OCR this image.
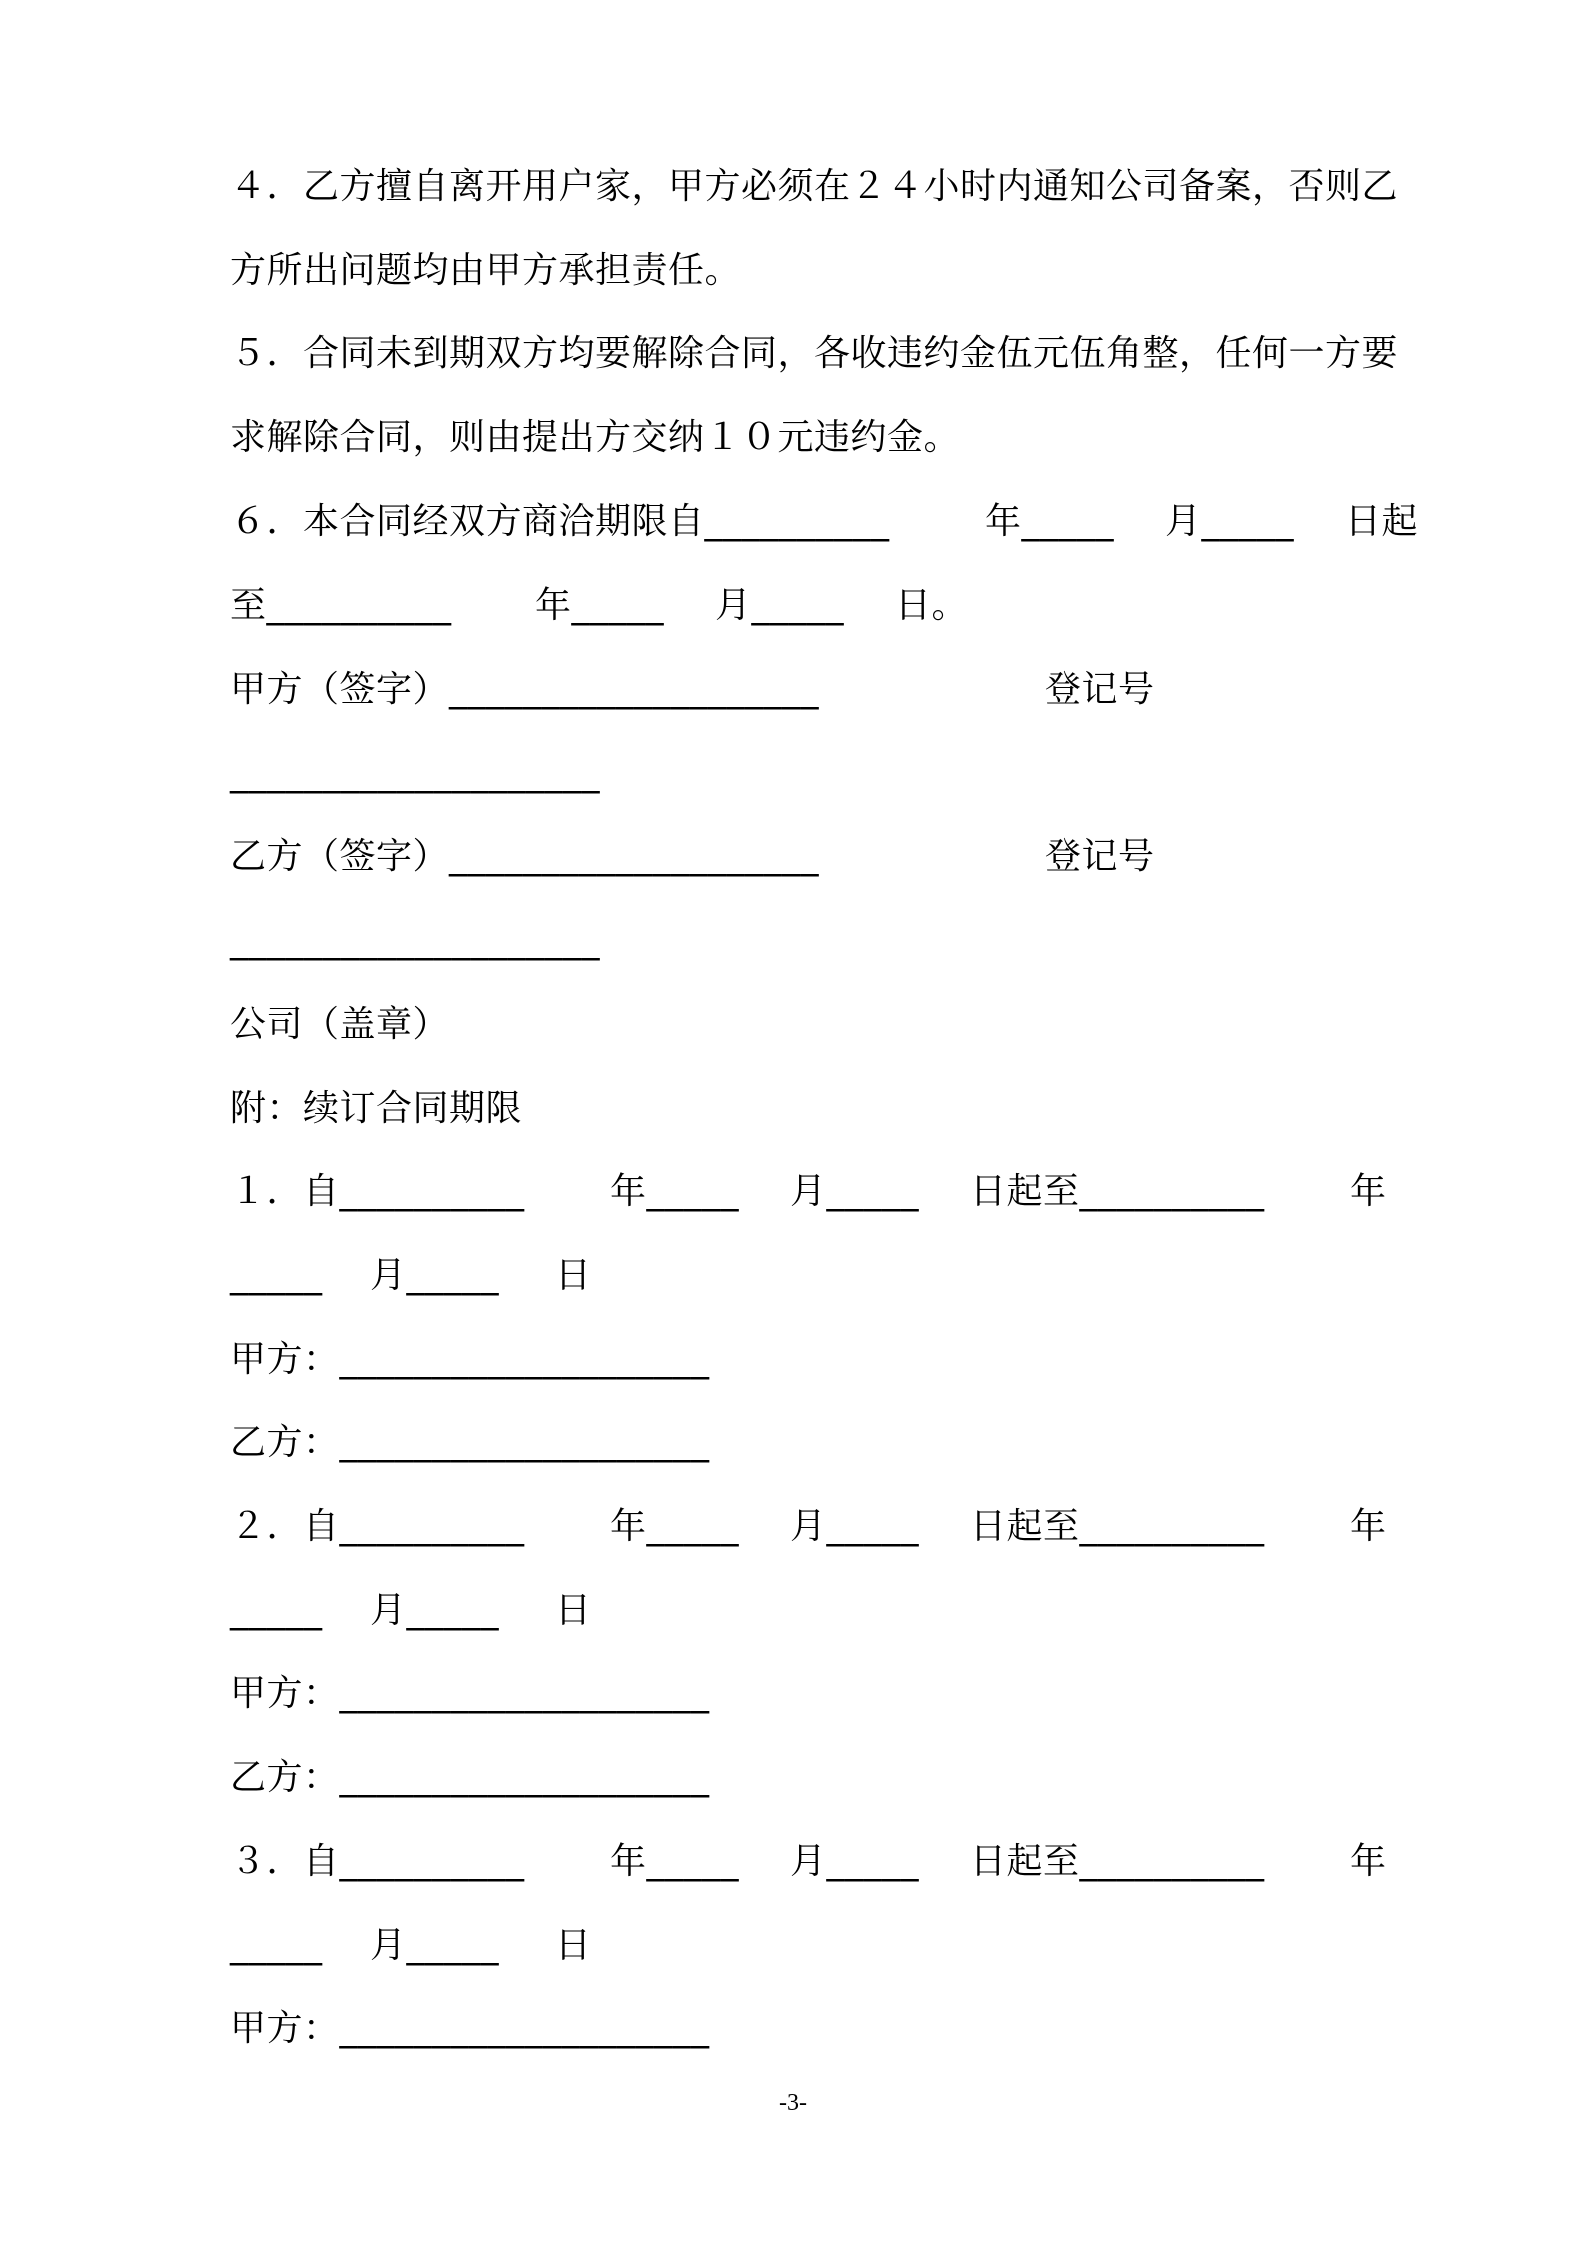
４．乙方擅自离开用户家，甲方必须在２４小时内通知公司备案，否则乙
方所出问题均由甲方承担责任。
５．合同未到期双方均要解除合同，各收违约金伍元伍角整，任何一方要
求解除合同，则由提出方交纳１０元违约金。

６．本合同经双方商洽期限自__________

	年_____

月_____

日起

至__________

年_____

月_____

日。

甲方（签字）____________________

	登记号

____________________

乙方（签字）____________________

	登记号

____________________
公司（盖章）
附：续订合同期限

１．自__________

年_____

月_____

日起至__________

年

_____

月_____

日

甲方：____________________
乙方：____________________

２．自__________

年_____

月_____

日起至__________

年

_____

月_____

日

甲方：____________________
乙方：____________________

３．自__________

年_____

月_____

日起至__________

年

_____

月_____

日

甲方：____________________
-3-
